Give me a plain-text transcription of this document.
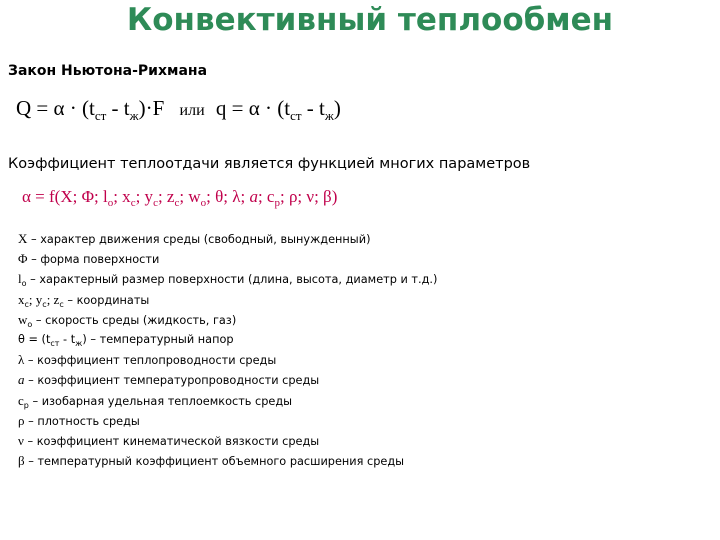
Конвективный теплообмен
Закон Ньютона-Рихмана
$Q = \alpha \cdot (t_{ст} - t_ж)\cdot F$ или $q = \alpha \cdot (t_{ст} - t_ж)$
Коэффициент теплоотдачи является функцией многих параметров
α = f(X; Φ; $l_o$; $x_c$; $y_c$; $z_c$; $w_o$; θ; λ; a; $c_p$; ρ; ν; β)
X – характер движения среды (свободный, вынужденный)
Φ – форма поверхности
$l_o$ – характерный размер поверхности (длина, высота, диаметр и т.д.)
$x_c$; $y_c$; $z_c$ – координаты
$w_o$ – скорость среды (жидкость, газ)
$\theta = (t_{ст} - t_ж)$ – температурный напор
λ – коэффициент теплопроводности среды
a – коэффициент температуропроводности среды
$c_p$ – изобарная удельная теплоемкость среды
ρ – плотность среды
ν – коэффициент кинематической вязкости среды
β – температурный коэффициент объемного расширения среды
